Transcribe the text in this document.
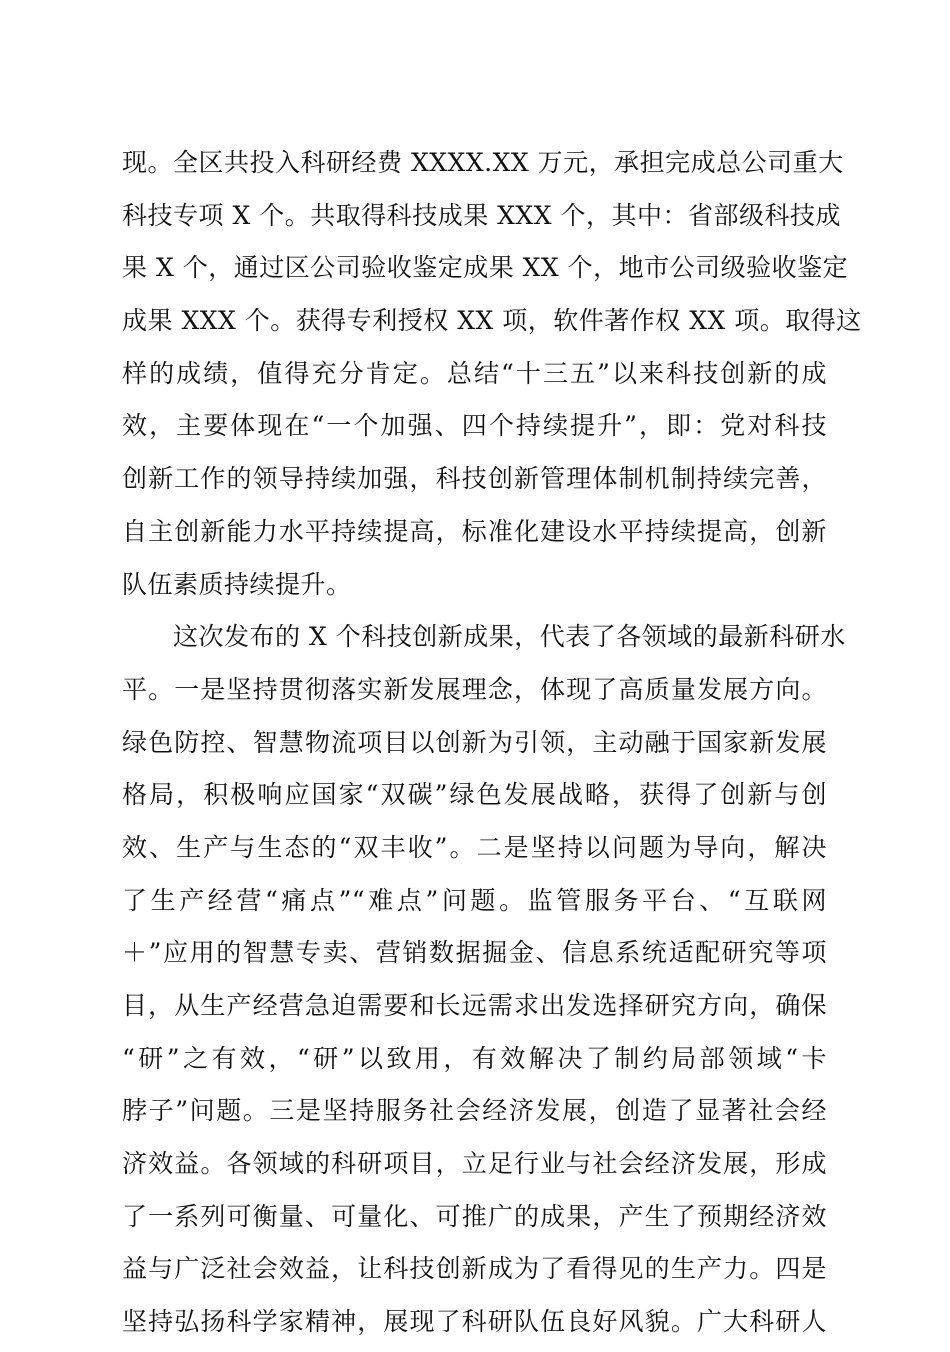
现。全区共投入科研经费 XXXX.XX 万元，承担完成总公司重大
科技专项 X 个。共取得科技成果 XXX 个，其中：省部级科技成
果 X 个，通过区公司验收鉴定成果 XX 个，地市公司级验收鉴定
成果 XXX 个。获得专利授权 XX 项，软件著作权 XX 项。取得这
样的成绩，值得充分肯定。总结“十三五”以来科技创新的成
效，主要体现在“一个加强、四个持续提升”，即：党对科技
创新工作的领导持续加强，科技创新管理体制机制持续完善，
自主创新能力水平持续提高，标准化建设水平持续提高，创新
队伍素质持续提升。
　　这次发布的 X 个科技创新成果，代表了各领域的最新科研水
平。一是坚持贯彻落实新发展理念，体现了高质量发展方向。
绿色防控、智慧物流项目以创新为引领，主动融于国家新发展
格局，积极响应国家“双碳”绿色发展战略，获得了创新与创
效、生产与生态的“双丰收”。二是坚持以问题为导向，解决
了生产经营“痛点”“难点”问题。监管服务平台、“互联网
＋”应用的智慧专卖、营销数据掘金、信息系统适配研究等项
目，从生产经营急迫需要和长远需求出发选择研究方向，确保
“研”之有效，“研”以致用，有效解决了制约局部领域“卡
脖子”问题。三是坚持服务社会经济发展，创造了显著社会经
济效益。各领域的科研项目，立足行业与社会经济发展，形成
了一系列可衡量、可量化、可推广的成果，产生了预期经济效
益与广泛社会效益，让科技创新成为了看得见的生产力。四是
坚持弘扬科学家精神，展现了科研队伍良好风貌。广大科研人
